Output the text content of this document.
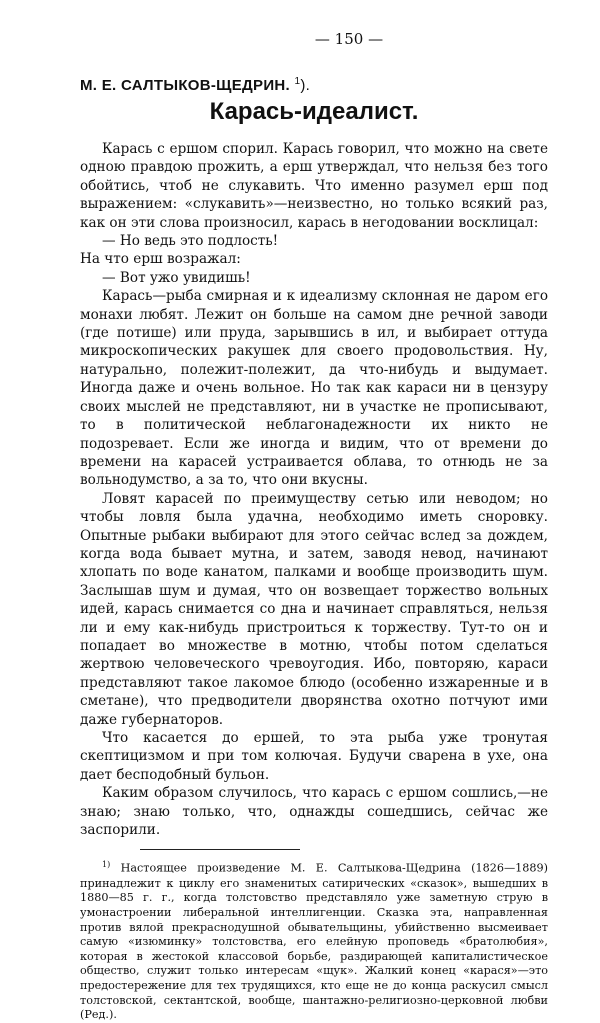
— 150 —

М. Е. САЛТЫКОВ-ЩЕДРИН. $^1$).

Карась-идеалист.

Карась с ершом спорил. Карась говорил, что можно на свете одною правдою прожить, а ерш утверждал, что нельзя без того обойтись, чтоб не слукавить. Что именно разумел ерш под выражением: «слукавить»—неизвестно, но только всякий раз, как он эти слова произносил, карась в негодовании восклицал:

— Но ведь это подлость!

На что ерш возражал:

— Вот ужо увидишь!

Карась—рыба смирная и к идеализму склонная не даром его монахи любят. Лежит он больше на самом дне речной заводи (где потише) или пруда, зарывшись в ил, и выбирает оттуда микроскопических ракушек для своего продовольствия. Ну, натурально, полежит-полежит, да что-нибудь и выдумает. Иногда даже и очень вольное. Но так как караси ни в цензуру своих мыслей не представляют, ни в участке не прописывают, то в политической неблагонадежности их никто не подозревает. Если же иногда и видим, что от времени до времени на карасей устраивается облава, то отнюдь не за вольнодумство, а за то, что они вкусны.

Ловят карасей по преимуществу сетью или неводом; но чтобы ловля была удачна, необходимо иметь сноровку. Опытные рыбаки выбирают для этого сейчас вслед за дождем, когда вода бывает мутна, и затем, заводя невод, начинают хлопать по воде канатом, палками и вообще производить шум. Заслышав шум и думая, что он возвещает торжество вольных идей, карась снимается со дна и начинает справляться, нельзя ли и ему как-нибудь пристроиться к торжеству. Тут-то он и попадает во множестве в мотню, чтобы потом сделаться жертвою человеческого чревоугодия. Ибо, повторяю, караси представляют такое лакомое блюдо (особенно изжаренные и в сметане), что предводители дворянства охотно потчуют ими даже губернаторов.

Что касается до ершей, то эта рыба уже тронутая скептицизмом и при том колючая. Будучи сварена в ухе, она дает бесподобный бульон.

Каким образом случилось, что карась с ершом сошлись,—не знаю; знаю только, что, однажды сошедшись, сейчас же заспорили.

$^{1)}$ Настоящее произведение М. Е. Салтыкова-Щедрина (1826—1889) принадлежит к циклу его знаменитых сатирических «сказок», вышедших в 1880—85 г. г., когда толстовство представляло уже заметную струю в умонастроении либеральной интеллигенции. Сказка эта, направленная против вялой прекраснодушной обывательщины, убийственно высмеивает самую «изюминку» толстовства, его елейную проповедь «братолюбия», которая в жестокой классовой борьбе, раздирающей капиталистическое общество, служит только интересам «щук». Жалкий конец «карася»—это предостережение для тех трудящихся, кто еще не до конца раскусил смысл толстовской, сектантской, вообще, шантажно-религиозно-церковной любви (Ред.).
